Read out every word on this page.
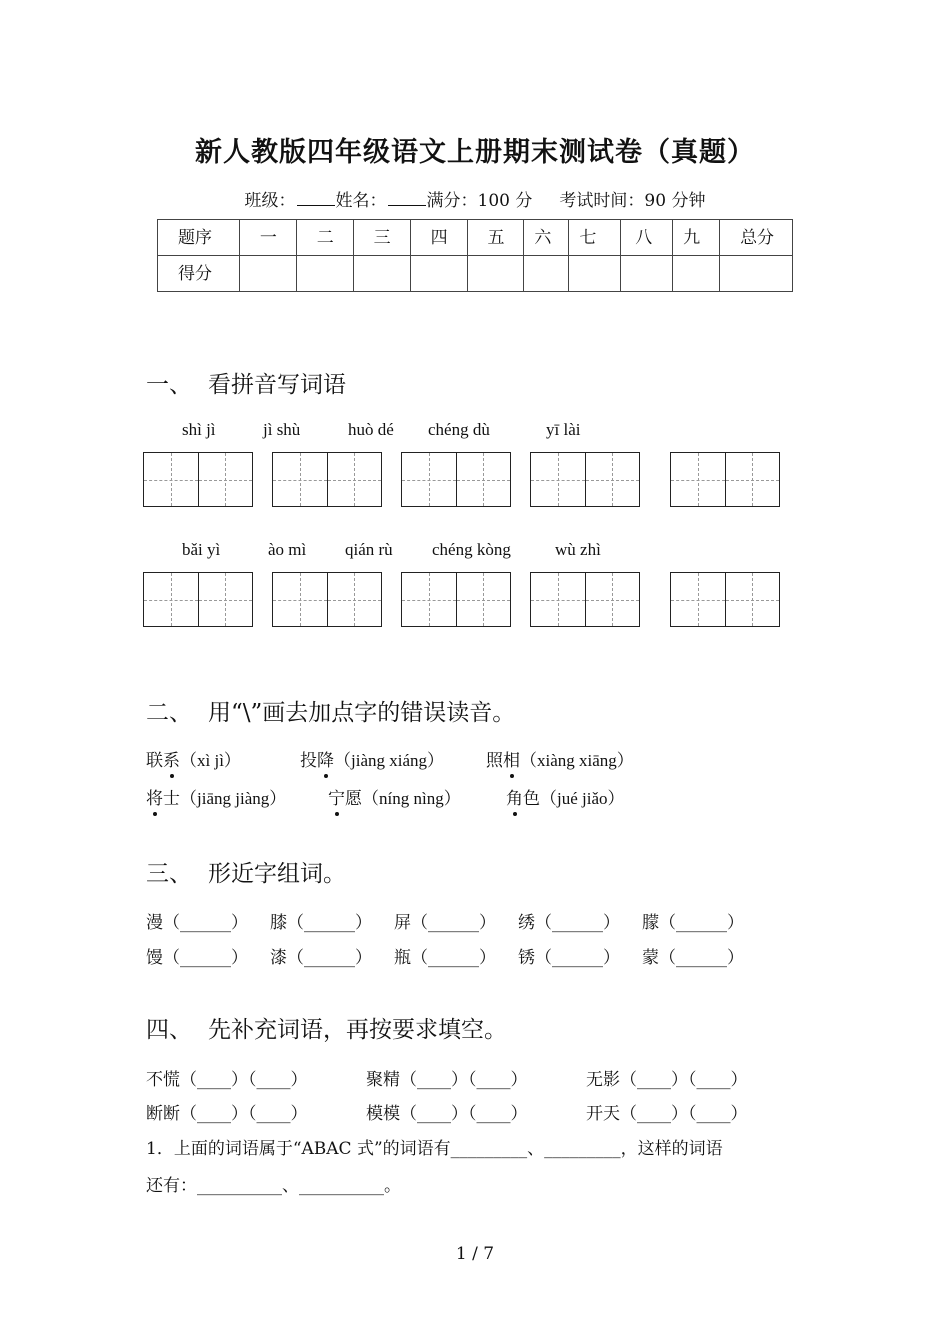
新人教版四年级语文上册期末测试卷（真题）
班级： 姓名： 满分：100 分 考试时间：90 分钟
题序	一	二	三	四	五	六	七	八	九	总分
得分										
一、 看拼音写词语
shì jì	jì shù	huò dé chéng dù	yī lài
bǎi yì	ào mì qián rù chéng kòng	wù zhì
二、 用“\”画去加点字的错误读音。
联系（xì jì）	投降（jiàng xiáng） 照相（xiàng xiāng）
将士（jiāng jiàng） 宁愿（níng nìng）	角色（jué jiǎo）
三、 形近字组词。
漫（______） 膝（______） 屏（______） 绣（______） 朦（______）
馒（______） 漆（______） 瓶（______） 锈（______） 蒙（______）
四、 先补充词语，再按要求填空。
不慌（____）（____）	聚精（____）（____）	无影（____）（____）
断断（____）（____）	模模（____）（____）	开天（____）（____）
1．上面的词语属于“ABAC 式”的词语有_________、_________，这样的词语
还有：__________、__________。
1 / 7
